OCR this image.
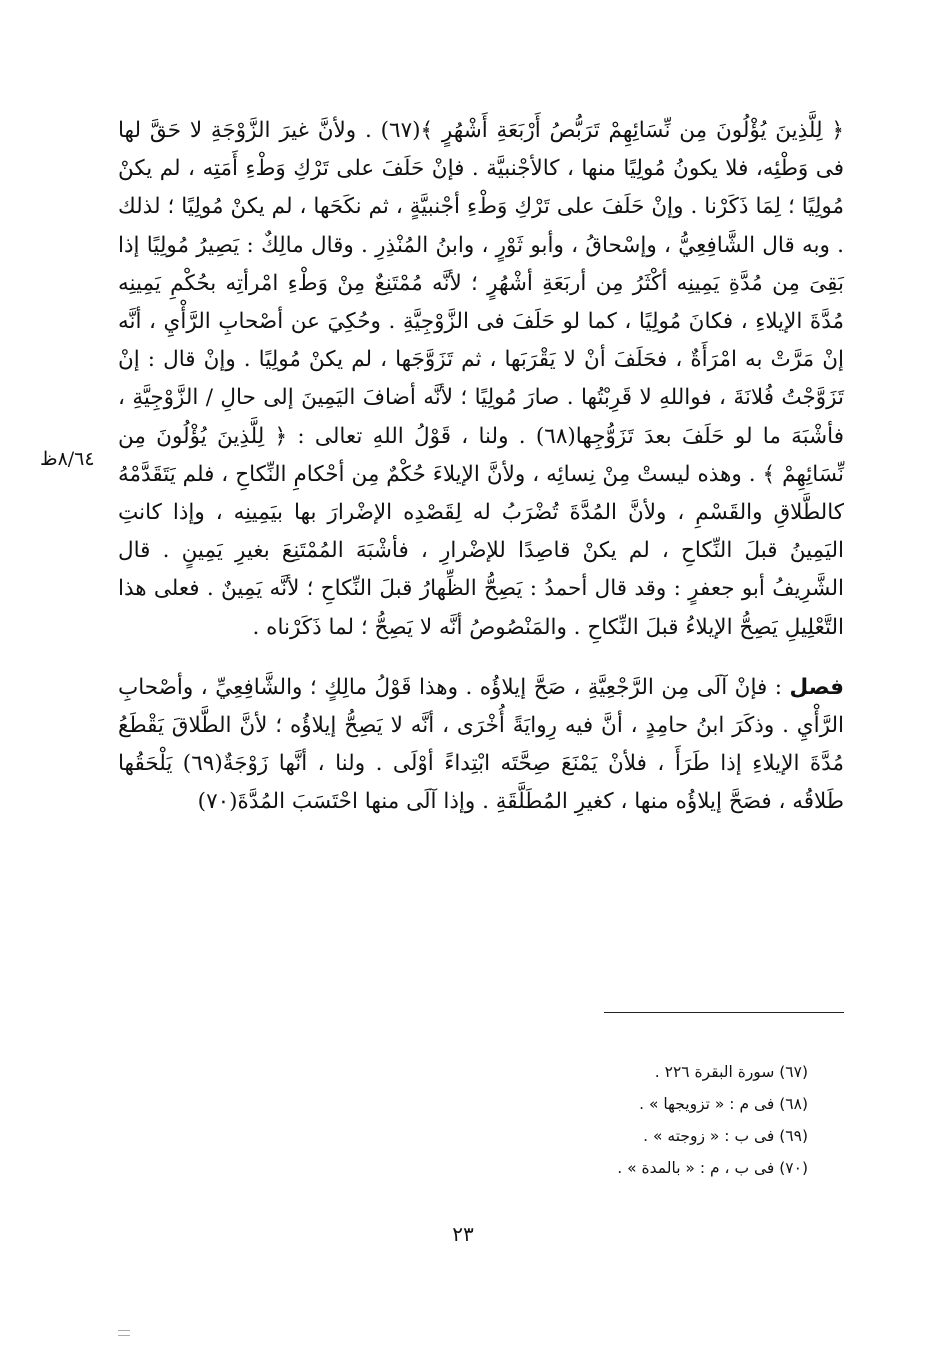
﴿ لِلَّذِينَ يُؤْلُونَ مِن نِّسَائِهِمْ تَرَبُّصُ أَرْبَعَةِ أَشْهُرٍ ﴾(٦٧) . ولأنَّ غيرَ الزَّوْجَةِ لا حَقَّ لها فى وَطْئِه، فلا يكونُ مُولِيًا منها ، كالأجْنبيَّة . فإنْ حَلَفَ على تَرْكِ وَطْءِ أَمَتِه ، لم يكنْ مُولِيًا ؛ لِمَا ذَكَرْنا . وإنْ حَلَفَ على تَرْكِ وَطْءِ أجْنبيَّةٍ ، ثم نكَحَها ، لم يكنْ مُولِيًا ؛ لذلك . وبه قال الشَّافِعِيُّ ، وإسْحاقُ ، وأبو ثَوْرٍ ، وابنُ المُنْذِرِ . وقال مالِكٌ : يَصِيرُ مُولِيًا إذا بَقِىَ مِن مُدَّةِ يَمِينِه أكْثَرُ مِن أربَعَةِ أشْهُرٍ ؛ لأنَّه مُمْتَنِعٌ مِنْ وَطْءِ امْرأتِه بحُكْمِ يَمِينِه مُدَّةَ الإيلاءِ ، فكانَ مُولِيًا ، كما لو حَلَفَ فى الزَّوْجِيَّةِ . وحُكِيَ عن أصْحابِ الرَّأْيِ ، أنَّه إنْ مَرَّتْ به امْرَأَةٌ ، فحَلَفَ أنْ لا يَقْرَبَها ، ثم تَزَوَّجَها ، لم يكنْ مُولِيًا . وإنْ قال : إنْ تَزَوَّجْتُ فُلانَةَ ، فواللهِ لا قَرِبْتُها . صارَ مُولِيًا ؛ لأنَّه أضافَ اليَمِينَ إلى حالِ / الزَّوْجِيَّةِ ، فأشْبَهَ ما لو حَلَفَ بعدَ تَزَوُّجِها(٦٨) . ولنا ، قَوْلُ اللهِ تعالى : ﴿ لِلَّذِينَ يُؤْلُونَ مِن نِّسَائِهِمْ ﴾ . وهذه ليستْ مِنْ نِسائِه ، ولأنَّ الإيلاءَ حُكْمٌ مِن أحْكامِ النِّكاحِ ، فلم يَتَقَدَّمْهُ كالطَّلاقِ والقَسْمِ ، ولأنَّ المُدَّةَ تُضْرَبُ له لِقَصْدِه الإضْرارَ بها بيَمِينِه ، وإذا كانتِ اليَمِينُ قبلَ النِّكاحِ ، لم يكنْ قاصِدًا للإضْرارِ ، فأشْبَهَ المُمْتَنِعَ بغيرِ يَمِينٍ . قال الشَّرِيفُ أبو جعفرٍ : وقد قال أحمدُ : يَصِحُّ الظِّهارُ قبلَ النِّكاحِ ؛ لأنَّه يَمِينٌ . فعلى هذا التَّعْلِيلِ يَصِحُّ الإيلاءُ قبلَ النِّكاحِ . والمَنْصُوصُ أنَّه لا يَصِحُّ ؛ لما ذَكَرْناه .

فصل : فإنْ آلَى مِن الرَّجْعِيَّةِ ، صَحَّ إيلاؤُه . وهذا قَوْلُ مالِكٍ ؛ والشَّافِعِيِّ ، وأصْحابِ الرَّأْيِ . وذكَرَ ابنُ حامِدٍ ، أنَّ فيه رِوايَةً أُخْرَى ، أنَّه لا يَصِحُّ إيلاؤُه ؛ لأنَّ الطَّلاقَ يَقْطَعُ مُدَّةَ الإيلاءِ إذا طَرَأَ ، فلأنْ يَمْنَعَ صِحَّتَه ابْتِداءً أوْلَى . ولنا ، أنَّها زَوْجَةٌ(٦٩) يَلْحَقُها طَلاقُه ، فصَحَّ إيلاؤُه منها ، كغيرِ المُطَلَّقَةِ . وإذا آلَى منها احْتَسَبَ المُدَّةَ(٧٠)

٨/٦٤ظ
(٦٧) سورة البقرة ٢٢٦ .
(٦٨) فى م : « تزويجها » .
(٦٩) فى ب : « زوجته » .
(٧٠) فى ب ، م : « بالمدة » .
٢٣
